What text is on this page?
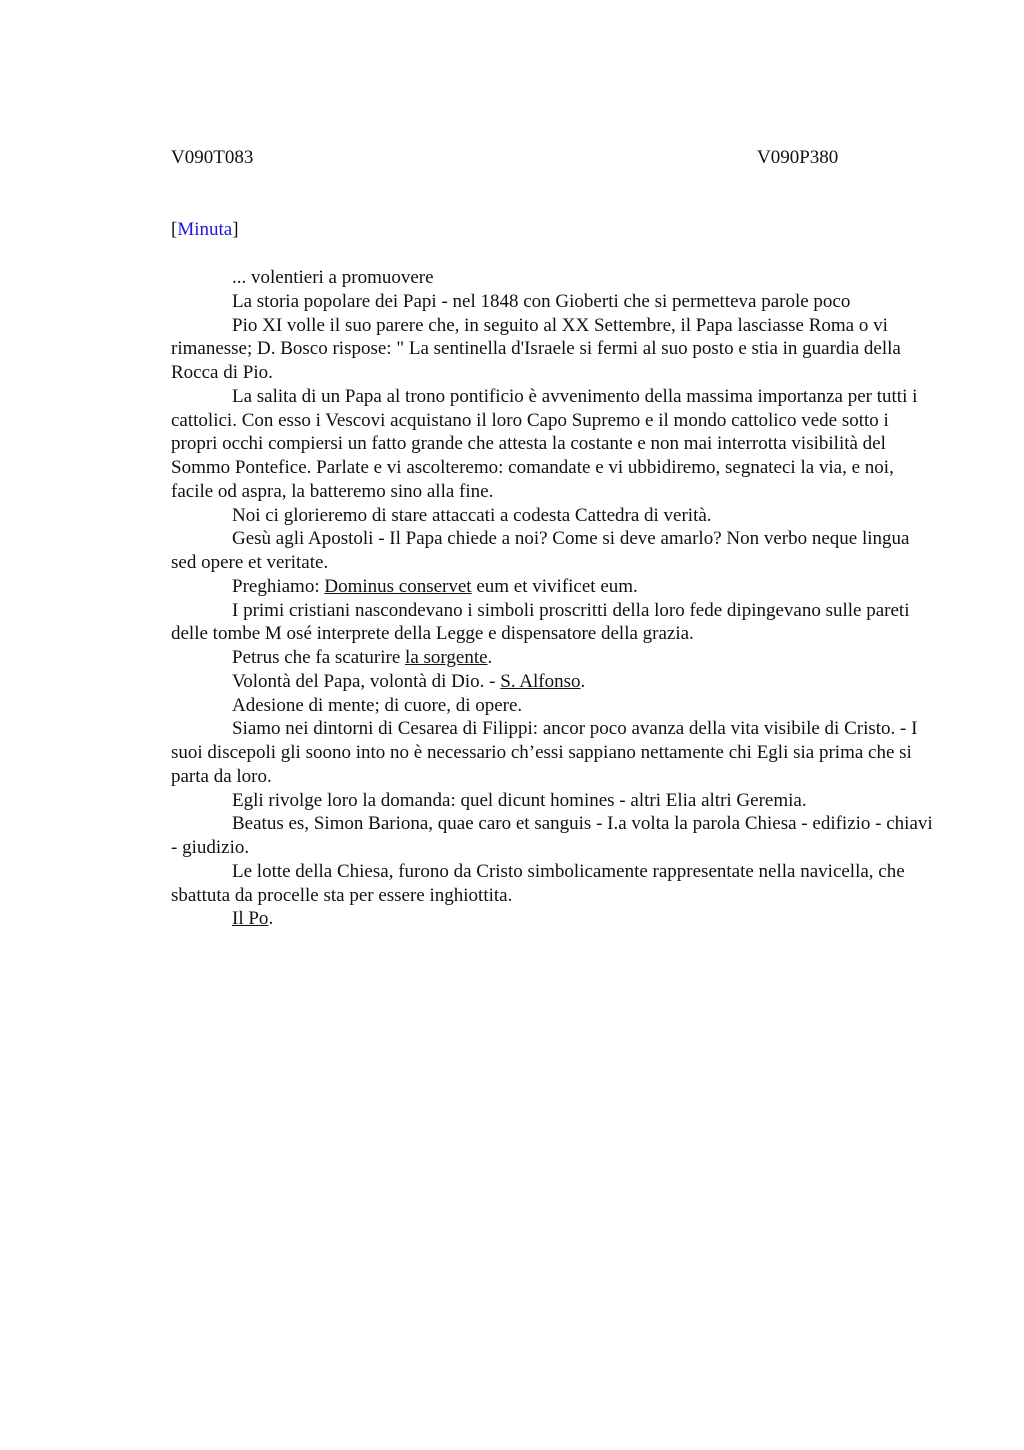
V090T083	V090P380
[Minuta]

... volentieri a promuovere

La storia popolare dei Papi - nel 1848 con Gioberti che si permetteva parole poco

Pio XI volle il suo parere che, in seguito al XX Settembre, il Papa lasciasse Roma o vi rimanesse; D. Bosco rispose: " La sentinella d'Israele si fermi al suo posto e stia in guardia della Rocca di Pio.

La salita di un Papa al trono pontificio è avvenimento della massima importanza per tutti i cattolici. Con esso i Vescovi acquistano il loro Capo Supremo e il mondo cattolico vede sotto i propri occhi compiersi un fatto grande che attesta la costante e non mai interrotta visibilità del Sommo Pontefice. Parlate e vi ascolteremo: comandate e vi ubbidiremo, segnateci la via, e noi, facile od aspra, la batteremo sino alla fine.

Noi ci glorieremo di stare attaccati a codesta Cattedra di verità.

Gesù agli Apostoli - Il Papa chiede a noi? Come si deve amarlo? Non verbo neque lingua sed opere et veritate.

Preghiamo: Dominus conservet eum et vivificet eum.

I primi cristiani nascondevano i simboli proscritti della loro fede dipingevano sulle pareti delle tombe M osé interprete della Legge e dispensatore della grazia.

Petrus che fa scaturire la sorgente.

Volontà del Papa, volontà di Dio. - S. Alfonso.

Adesione di mente; di cuore, di opere.

Siamo nei dintorni di Cesarea di Filippi: ancor poco avanza della vita visibile di Cristo. - I suoi discepoli gli soono into no è necessario ch’essi sappiano nettamente chi Egli sia prima che si parta da loro.

Egli rivolge loro la domanda: quel dicunt homines - altri Elia altri Geremia.

Beatus es, Simon Bariona, quae caro et sanguis - I.a volta la parola Chiesa - edifizio - chiavi - giudizio.

Le lotte della Chiesa, furono da Cristo simbolicamente rappresentate nella navicella, che sbattuta da procelle sta per essere inghiottita.

Il Po.
